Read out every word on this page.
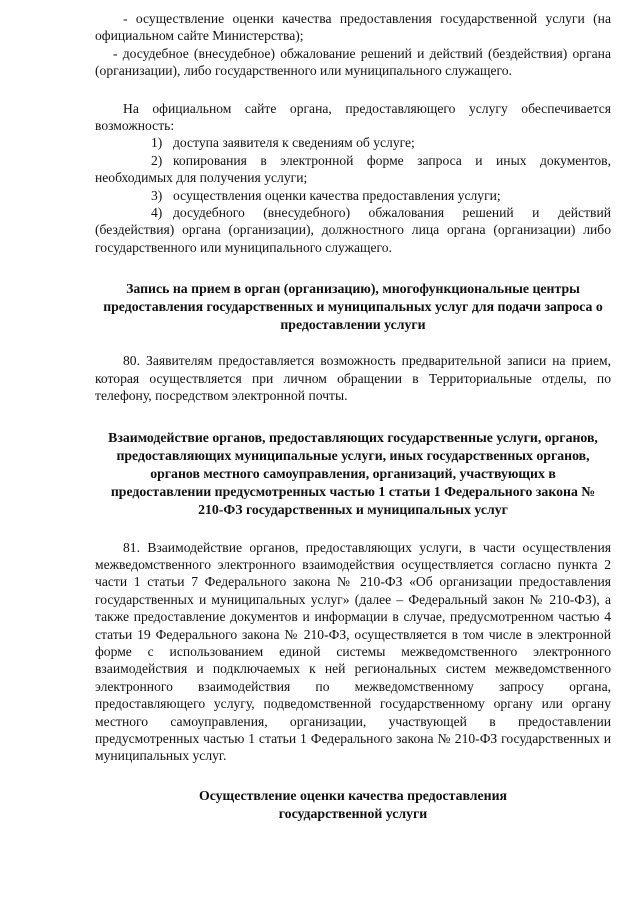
- осуществление оценки качества предоставления государственной услуги (на официальном сайте Министерства);

- досудебное (внесудебное) обжалование решений и действий (бездействия) органа (организации), либо государственного или муниципального служащего.

На официальном сайте органа, предоставляющего услугу обеспечивается возможность:

1) доступа заявителя к сведениям об услуге;

2) копирования в электронной форме запроса и иных документов, необходимых для получения услуги;

3) осуществления оценки качества предоставления услуги;

4) досудебного (внесудебного) обжалования решений и действий (бездействия) органа (организации), должностного лица органа (организации) либо государственного или муниципального служащего.

Запись на прием в орган (организацию), многофункциональные центры предоставления государственных и муниципальных услуг для подачи запроса о предоставлении услуги

80. Заявителям предоставляется возможность предварительной записи на прием, которая осуществляется при личном обращении в Территориальные отделы, по телефону, посредством электронной почты.

Взаимодействие органов, предоставляющих государственные услуги, органов, предоставляющих муниципальные услуги, иных государственных органов, органов местного самоуправления, организаций, участвующих в предоставлении предусмотренных частью 1 статьи 1 Федерального закона № 210-ФЗ государственных и муниципальных услуг

81. Взаимодействие органов, предоставляющих услуги, в части осуществления межведомственного электронного взаимодействия осуществляется согласно пункта 2 части 1 статьи 7 Федерального закона № 210-ФЗ «Об организации предоставления государственных и муниципальных услуг» (далее – Федеральный закон № 210-ФЗ), а также предоставление документов и информации в случае, предусмотренном частью 4 статьи 19 Федерального закона № 210-ФЗ, осуществляется в том числе в электронной форме с использованием единой системы межведомственного электронного взаимодействия и подключаемых к ней региональных систем межведомственного электронного взаимодействия по межведомственному запросу органа, предоставляющего услугу, подведомственной государственному органу или органу местного самоуправления, организации, участвующей в предоставлении предусмотренных частью 1 статьи 1 Федерального закона № 210-ФЗ государственных и муниципальных услуг.

Осуществление оценки качества предоставления государственной услуги
